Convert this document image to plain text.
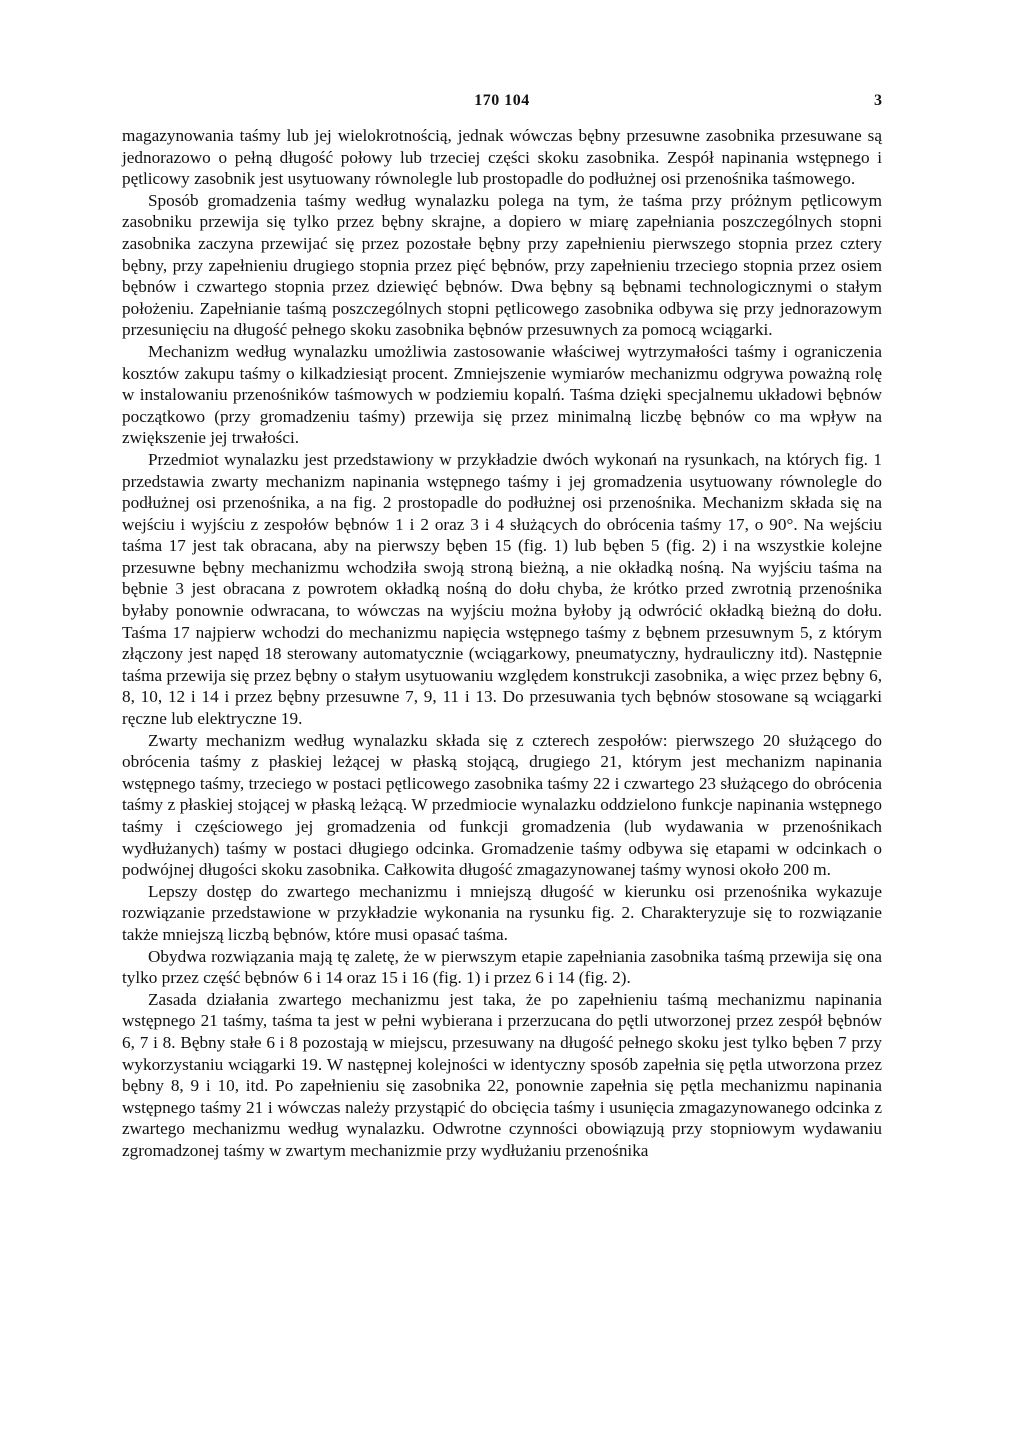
170 104	3

magazynowania taśmy lub jej wielokrotnością, jednak wówczas bębny przesuwne zasobnika przesuwane są jednorazowo o pełną długość połowy lub trzeciej części skoku zasobnika. Zespół napinania wstępnego i pętlicowy zasobnik jest usytuowany równolegle lub prostopadle do podłużnej osi przenośnika taśmowego.

Sposób gromadzenia taśmy według wynalazku polega na tym, że taśma przy próżnym pętlicowym zasobniku przewija się tylko przez bębny skrajne, a dopiero w miarę zapełniania poszczególnych stopni zasobnika zaczyna przewijać się przez pozostałe bębny przy zapełnieniu pierwszego stopnia przez cztery bębny, przy zapełnieniu drugiego stopnia przez pięć bębnów, przy zapełnieniu trzeciego stopnia przez osiem bębnów i czwartego stopnia przez dziewięć bębnów. Dwa bębny są bębnami technologicznymi o stałym położeniu. Zapełnianie taśmą poszczególnych stopni pętlicowego zasobnika odbywa się przy jednorazowym przesunięciu na długość pełnego skoku zasobnika bębnów przesuwnych za pomocą wciągarki.

Mechanizm według wynalazku umożliwia zastosowanie właściwej wytrzymałości taśmy i ograniczenia kosztów zakupu taśmy o kilkadziesiąt procent. Zmniejszenie wymiarów mechanizmu odgrywa poważną rolę w instalowaniu przenośników taśmowych w podziemiu kopalń. Taśma dzięki specjalnemu układowi bębnów początkowo (przy gromadzeniu taśmy) przewija się przez minimalną liczbę bębnów co ma wpływ na zwiększenie jej trwałości.

Przedmiot wynalazku jest przedstawiony w przykładzie dwóch wykonań na rysunkach, na których fig. 1 przedstawia zwarty mechanizm napinania wstępnego taśmy i jej gromadzenia usytuowany równolegle do podłużnej osi przenośnika, a na fig. 2 prostopadle do podłużnej osi przenośnika. Mechanizm składa się na wejściu i wyjściu z zespołów bębnów 1 i 2 oraz 3 i 4 służących do obrócenia taśmy 17, o 90°. Na wejściu taśma 17 jest tak obracana, aby na pierwszy bęben 15 (fig. 1) lub bęben 5 (fig. 2) i na wszystkie kolejne przesuwne bębny mechanizmu wchodziła swoją stroną bieżną, a nie okładką nośną. Na wyjściu taśma na bębnie 3 jest obracana z powrotem okładką nośną do dołu chyba, że krótko przed zwrotnią przenośnika byłaby ponownie odwracana, to wówczas na wyjściu można byłoby ją odwrócić okładką bieżną do dołu. Taśma 17 najpierw wchodzi do mechanizmu napięcia wstępnego taśmy z bębnem przesuwnym 5, z którym złączony jest napęd 18 sterowany automatycznie (wciągarkowy, pneumatyczny, hydrauliczny itd). Następnie taśma przewija się przez bębny o stałym usytuowaniu względem konstrukcji zasobnika, a więc przez bębny 6, 8, 10, 12 i 14 i przez bębny przesuwne 7, 9, 11 i 13. Do przesuwania tych bębnów stosowane są wciągarki ręczne lub elektryczne 19.

Zwarty mechanizm według wynalazku składa się z czterech zespołów: pierwszego 20 służącego do obrócenia taśmy z płaskiej leżącej w płaską stojącą, drugiego 21, którym jest mechanizm napinania wstępnego taśmy, trzeciego w postaci pętlicowego zasobnika taśmy 22 i czwartego 23 służącego do obrócenia taśmy z płaskiej stojącej w płaską leżącą. W przedmiocie wynalazku oddzielono funkcje napinania wstępnego taśmy i częściowego jej gromadzenia od funkcji gromadzenia (lub wydawania w przenośnikach wydłużanych) taśmy w postaci długiego odcinka. Gromadzenie taśmy odbywa się etapami w odcinkach o podwójnej długości skoku zasobnika. Całkowita długość zmagazynowanej taśmy wynosi około 200 m.

Lepszy dostęp do zwartego mechanizmu i mniejszą długość w kierunku osi przenośnika wykazuje rozwiązanie przedstawione w przykładzie wykonania na rysunku fig. 2. Charakteryzuje się to rozwiązanie także mniejszą liczbą bębnów, które musi opasać taśma.

Obydwa rozwiązania mają tę zaletę, że w pierwszym etapie zapełniania zasobnika taśmą przewija się ona tylko przez część bębnów 6 i 14 oraz 15 i 16 (fig. 1) i przez 6 i 14 (fig. 2).

Zasada działania zwartego mechanizmu jest taka, że po zapełnieniu taśmą mechanizmu napinania wstępnego 21 taśmy, taśma ta jest w pełni wybierana i przerzucana do pętli utworzonej przez zespół bębnów 6, 7 i 8. Bębny stałe 6 i 8 pozostają w miejscu, przesuwany na długość pełnego skoku jest tylko bęben 7 przy wykorzystaniu wciągarki 19. W następnej kolejności w identyczny sposób zapełnia się pętla utworzona przez bębny 8, 9 i 10, itd. Po zapełnieniu się zasobnika 22, ponownie zapełnia się pętla mechanizmu napinania wstępnego taśmy 21 i wówczas należy przystąpić do obcięcia taśmy i usunięcia zmagazynowanego odcinka z zwartego mechanizmu według wynalazku. Odwrotne czynności obowiązują przy stopniowym wydawaniu zgromadzonej taśmy w zwartym mechanizmie przy wydłużaniu przenośnika
